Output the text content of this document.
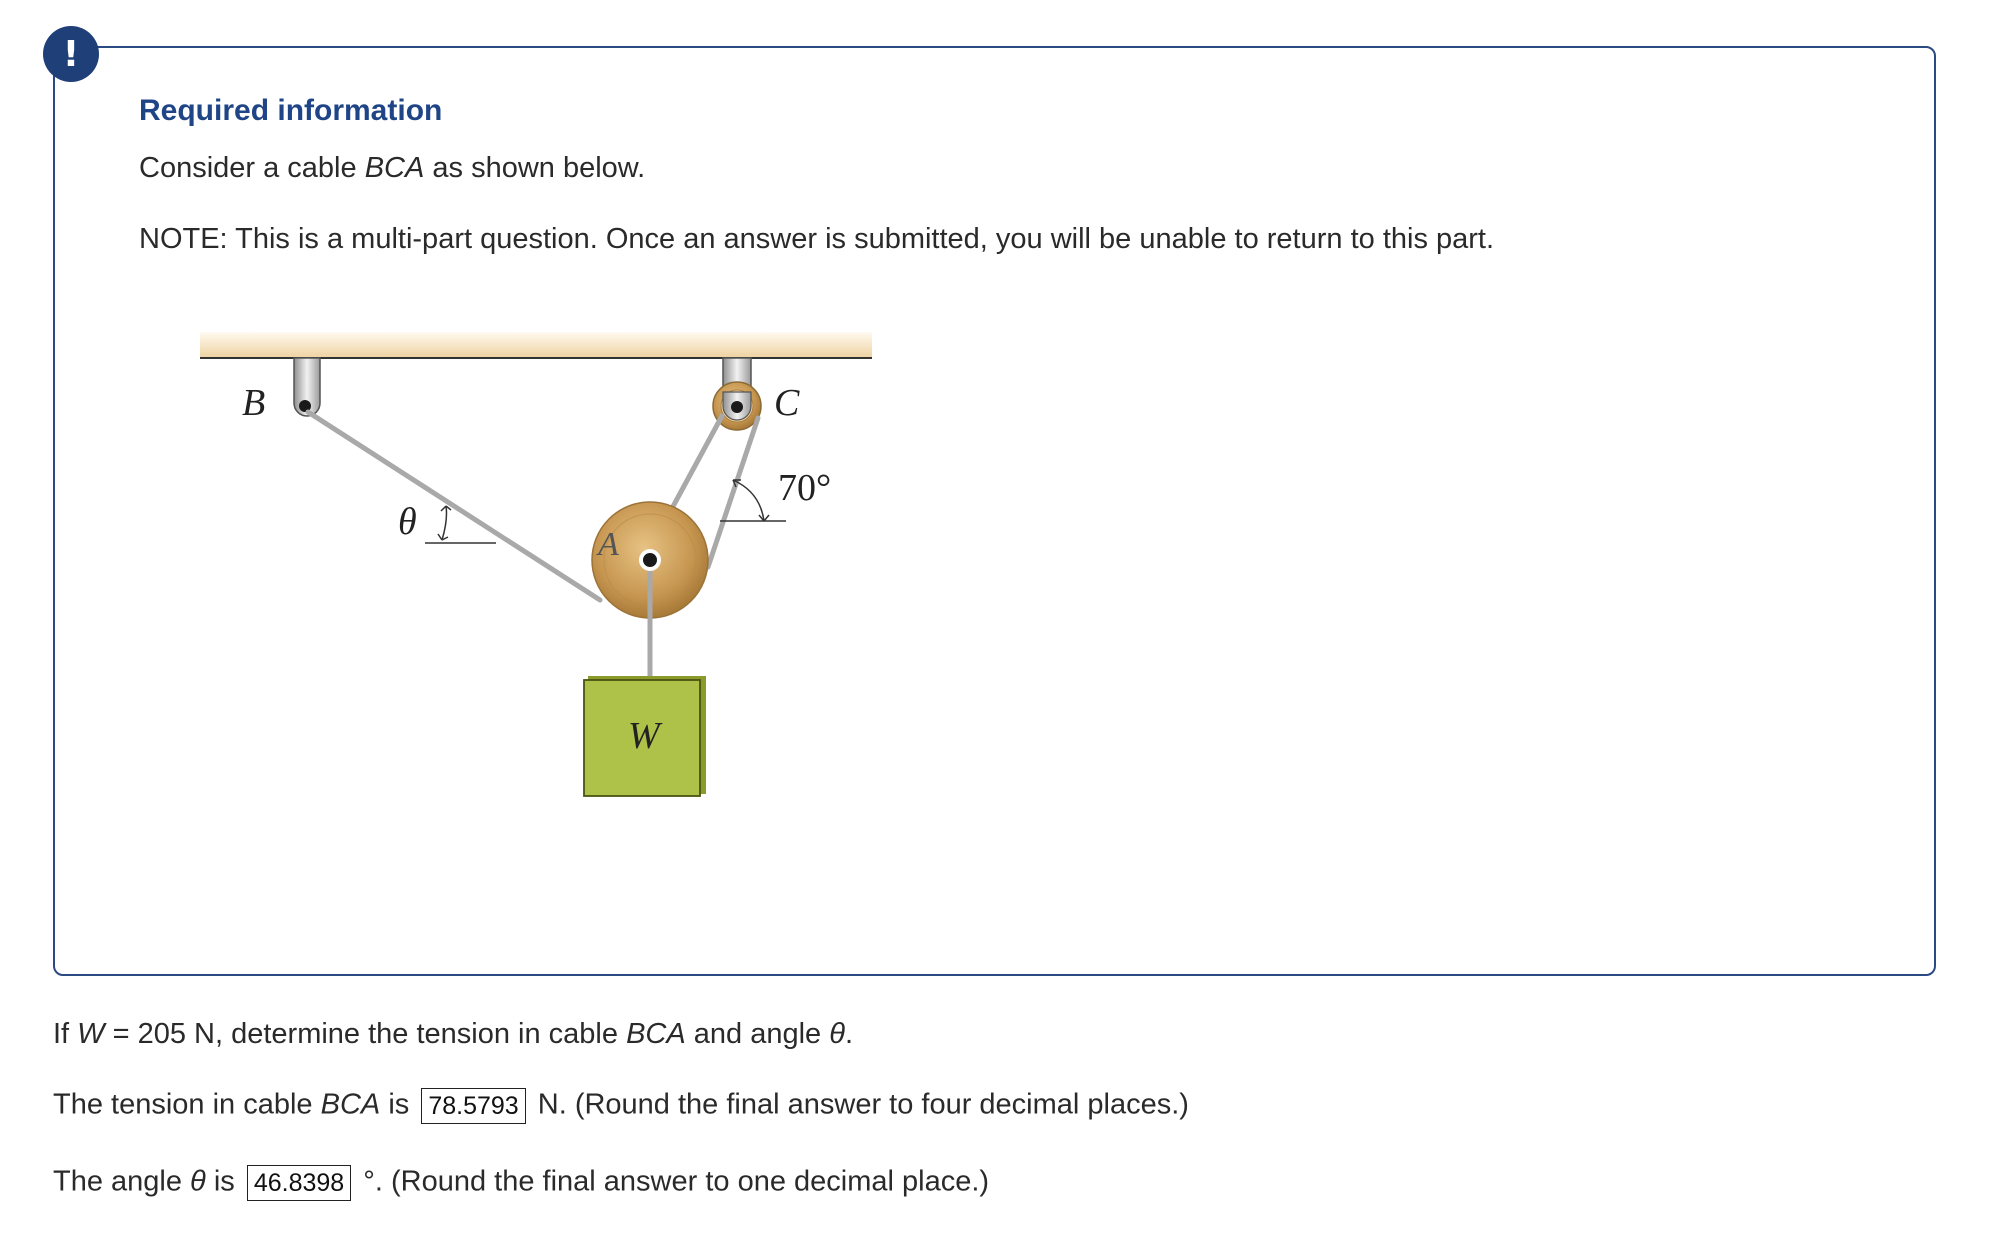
!
Required information
Consider a cable BCA as shown below.
NOTE: This is a multi-part question. Once an answer is submitted, you will be unable to return to this part.
B	C
A
θ
70°
W
If W = 205 N, determine the tension in cable BCA and angle θ.
The tension in cable BCA is 78.5793 N. (Round the final answer to four decimal places.)
The angle θ is 46.8398 °. (Round the final answer to one decimal place.)
